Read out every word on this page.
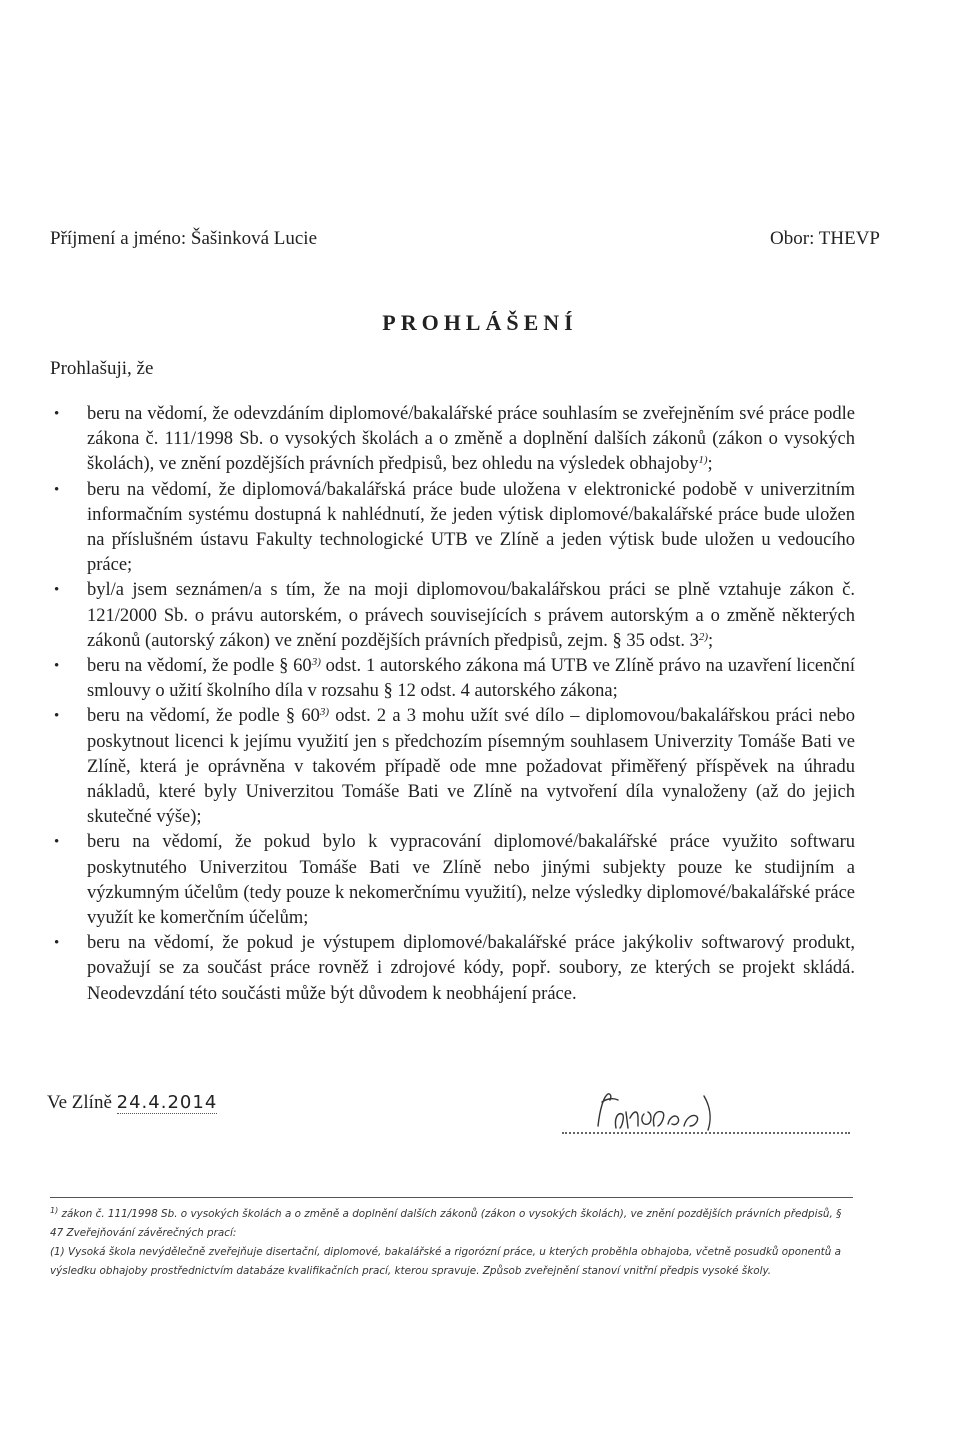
Příjmení a jméno: Šašinková Lucie	Obor: THEVP
PROHLÁŠENÍ
Prohlašuji, že
• beru na vědomí, že odevzdáním diplomové/bakalářské práce souhlasím se zveřejněním své práce podle zákona č. 111/1998 Sb. o vysokých školách a o změně a doplnění dalších zákonů (zákon o vysokých školách), ve znění pozdějších právních předpisů, bez ohledu na výsledek obhajoby$^{1)}$;
• beru na vědomí, že diplomová/bakalářská práce bude uložena v elektronické podobě v univerzitním informačním systému dostupná k nahlédnutí, že jeden výtisk diplomové/bakalářské práce bude uložen na příslušném ústavu Fakulty technologické UTB ve Zlíně a jeden výtisk bude uložen u vedoucího práce;
• byl/a jsem seznámen/a s tím, že na moji diplomovou/bakalářskou práci se plně vztahuje zákon č. 121/2000 Sb. o právu autorském, o právech souvisejících s právem autorským a o změně některých zákonů (autorský zákon) ve znění pozdějších právních předpisů, zejm. § 35 odst. 3$^{2)}$;
• beru na vědomí, že podle § 60$^{3)}$ odst. 1 autorského zákona má UTB ve Zlíně právo na uzavření licenční smlouvy o užití školního díla v rozsahu § 12 odst. 4 autorského zákona;
• beru na vědomí, že podle § 60$^{3)}$ odst. 2 a 3 mohu užít své dílo – diplomovou/bakalářskou práci nebo poskytnout licenci k jejímu využití jen s předchozím písemným souhlasem Univerzity Tomáše Bati ve Zlíně, která je oprávněna v takovém případě ode mne požadovat přiměřený příspěvek na úhradu nákladů, které byly Univerzitou Tomáše Bati ve Zlíně na vytvoření díla vynaloženy (až do jejich skutečné výše);
• beru na vědomí, že pokud bylo k vypracování diplomové/bakalářské práce využito softwaru poskytnutého Univerzitou Tomáše Bati ve Zlíně nebo jinými subjekty pouze ke studijním a výzkumným účelům (tedy pouze k nekomerčnímu využití), nelze výsledky diplomové/bakalářské práce využít ke komerčním účelům;
• beru na vědomí, že pokud je výstupem diplomové/bakalářské práce jakýkoliv softwarový produkt, považují se za součást práce rovněž i zdrojové kódy, popř. soubory, ze kterých se projekt skládá. Neodevzdání této součásti může být důvodem k neobhájení práce.
Ve Zlíně 24.4.2014
$^{1)}$ zákon č. 111/1998 Sb. o vysokých školách a o změně a doplnění dalších zákonů (zákon o vysokých školách), ve znění pozdějších právních předpisů, § 47 Zveřejňování závěrečných prací:
(1) Vysoká škola nevýdělečně zveřejňuje disertační, diplomové, bakalářské a rigorózní práce, u kterých proběhla obhajoba, včetně posudků oponentů a výsledku obhajoby prostřednictvím databáze kvalifikačních prací, kterou spravuje. Způsob zveřejnění stanoví vnitřní předpis vysoké školy.
